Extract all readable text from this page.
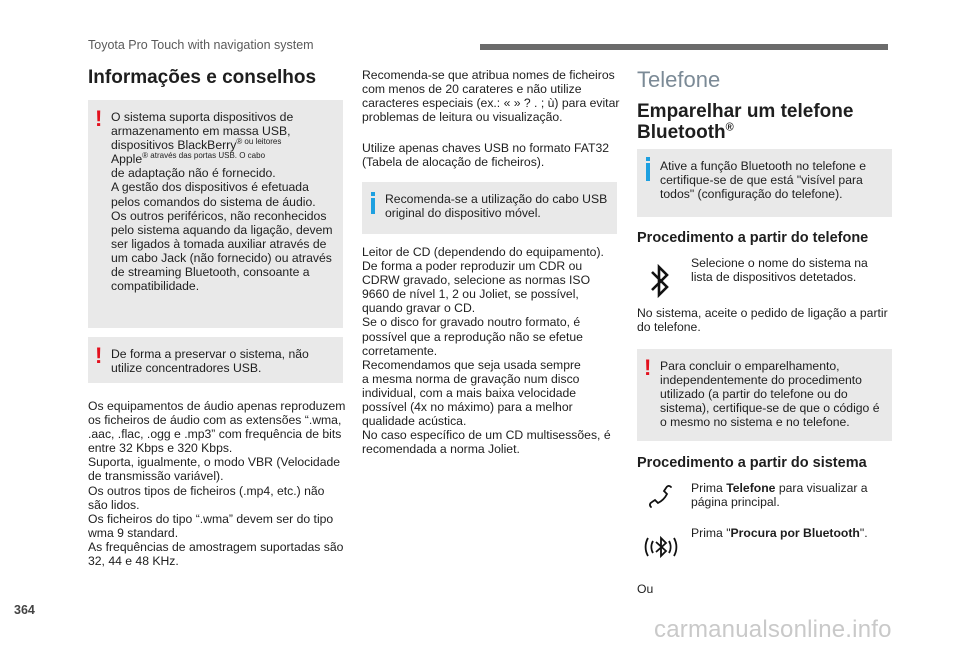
Toyota Pro Touch with navigation system
Informações e conselhos
! O sistema suporta dispositivos de
armazenamento em massa USB,
dispositivos BlackBerry$^{® ou leitores}$
Apple$^{® através das portas USB. O cabo}$
de adaptação não é fornecido.
A gestão dos dispositivos é efetuada
pelos comandos do sistema de áudio.
Os outros periféricos, não reconhecidos
pelo sistema aquando da ligação, devem
ser ligados à tomada auxiliar através de
um cabo Jack (não fornecido) ou através
de streaming Bluetooth, consoante a
compatibilidade.
! De forma a preservar o sistema, não
utilize concentradores USB.
Os equipamentos de áudio apenas reproduzem
os ficheiros de áudio com as extensões “.wma,
.aac, .flac, .ogg e .mp3” com frequência de bits
entre 32 Kbps e 320 Kbps.
Suporta, igualmente, o modo VBR (Velocidade
de transmissão variável).
Os outros tipos de ficheiros (.mp4, etc.) não
são lidos.
Os ficheiros do tipo “.wma” devem ser do tipo
wma 9 standard.
As frequências de amostragem suportadas são
32, 44 e 48 KHz.
Recomenda-se que atribua nomes de ficheiros
com menos de 20 carateres e não utilize
caracteres especiais (ex.: « » ? . ; ù) para evitar
problemas de leitura ou visualização.
Utilize apenas chaves USB no formato FAT32
(Tabela de alocação de ficheiros).
Recomenda-se a utilização do cabo USB
original do dispositivo móvel.
Leitor de CD (dependendo do equipamento).
De forma a poder reproduzir um CDR ou
CDRW gravado, selecione as normas ISO
9660 de nível 1, 2 ou Joliet, se possível,
quando gravar o CD.
Se o disco for gravado noutro formato, é
possível que a reprodução não se efetue
corretamente.
Recomendamos que seja usada sempre
a mesma norma de gravação num disco
individual, com a mais baixa velocidade
possível (4x no máximo) para a melhor
qualidade acústica.
No caso específico de um CD multisessões, é
recomendada a norma Joliet.
Telefone
Emparelhar um telefone
Bluetooth®
Ative a função Bluetooth no telefone e
certifique-se de que está "visível para
todos" (configuração do telefone).
Procedimento a partir do telefone
Selecione o nome do sistema na
lista de dispositivos detetados.
No sistema, aceite o pedido de ligação a partir
do telefone.
! Para concluir o emparelhamento,
independentemente do procedimento
utilizado (a partir do telefone ou do
sistema), certifique-se de que o código é
o mesmo no sistema e no telefone.
Procedimento a partir do sistema
Prima Telefone para visualizar a
página principal.
Prima "Procura por Bluetooth".
Ou
364
carmanualsonline.info
